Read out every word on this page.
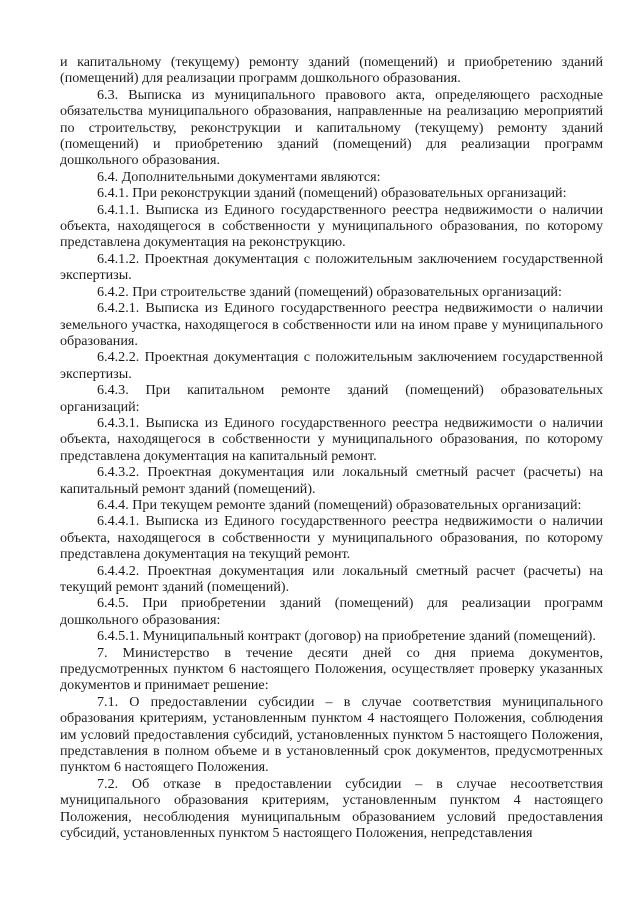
и капитальному (текущему) ремонту зданий (помещений) и приобретению зданий (помещений) для реализации программ дошкольного образования.

6.3. Выписка из муниципального правового акта, определяющего расходные обязательства муниципального образования, направленные на реализацию мероприятий по строительству, реконструкции и капитальному (текущему) ремонту зданий (помещений) и приобретению зданий (помещений) для реализации программ дошкольного образования.

6.4. Дополнительными документами являются:

6.4.1. При реконструкции зданий (помещений) образовательных организаций:

6.4.1.1. Выписка из Единого государственного реестра недвижимости о наличии объекта, находящегося в собственности у муниципального образования, по которому представлена документация на реконструкцию.

6.4.1.2. Проектная документация с положительным заключением государственной экспертизы.

6.4.2. При строительстве зданий (помещений) образовательных организаций:

6.4.2.1. Выписка из Единого государственного реестра недвижимости о наличии земельного участка, находящегося в собственности или на ином праве у муниципального образования.

6.4.2.2. Проектная документация с положительным заключением государственной экспертизы.

6.4.3. При капитальном ремонте зданий (помещений) образовательных организаций:

6.4.3.1. Выписка из Единого государственного реестра недвижимости о наличии объекта, находящегося в собственности у муниципального образования, по которому представлена документация на капитальный ремонт.

6.4.3.2. Проектная документация или локальный сметный расчет (расчеты) на капитальный ремонт зданий (помещений).

6.4.4. При текущем ремонте зданий (помещений) образовательных организаций:

6.4.4.1. Выписка из Единого государственного реестра недвижимости о наличии объекта, находящегося в собственности у муниципального образования, по которому представлена документация на текущий ремонт.

6.4.4.2. Проектная документация или локальный сметный расчет (расчеты) на текущий ремонт зданий (помещений).

6.4.5. При приобретении зданий (помещений) для реализации программ дошкольного образования:

6.4.5.1. Муниципальный контракт (договор) на приобретение зданий (помещений).

7. Министерство в течение десяти дней со дня приема документов, предусмотренных пунктом 6 настоящего Положения, осуществляет проверку указанных документов и принимает решение:

7.1. О предоставлении субсидии – в случае соответствия муниципального образования критериям, установленным пунктом 4 настоящего Положения, соблюдения им условий предоставления субсидий, установленных пунктом 5 настоящего Положения, представления в полном объеме и в установленный срок документов, предусмотренных пунктом 6 настоящего Положения.

7.2. Об отказе в предоставлении субсидии – в случае несоответствия муниципального образования критериям, установленным пунктом 4 настоящего Положения, несоблюдения муниципальным образованием условий предоставления субсидий, установленных пунктом 5 настоящего Положения, непредставления
